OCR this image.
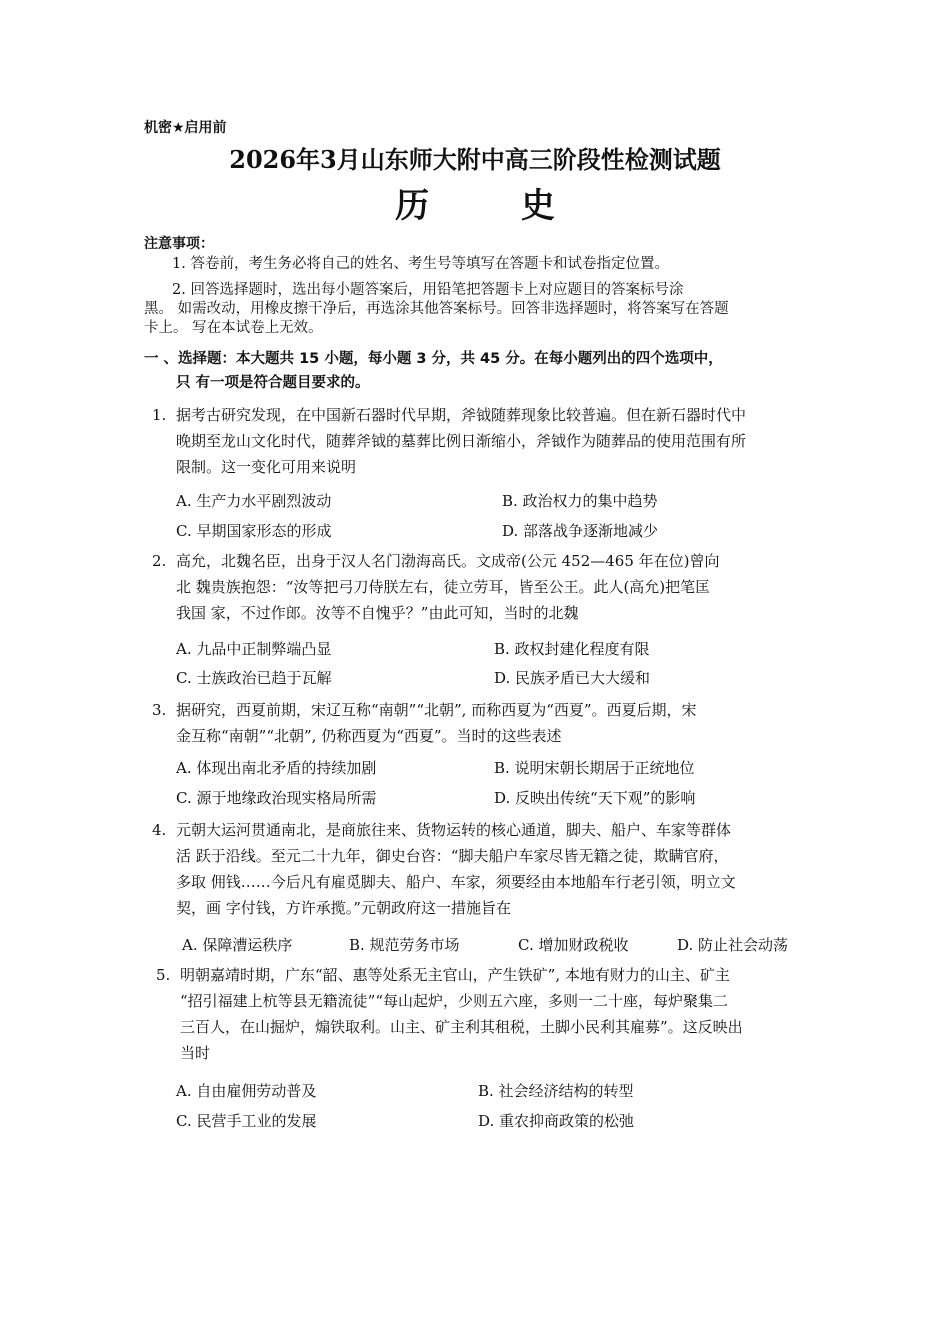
机密★启用前
2026年3月山东师大附中高三阶段性检测试题
历 史
注意事项：
1. 答卷前，考生务必将自己的姓名、考生号等填写在答题卡和试卷指定位置。
2. 回答选择题时，选出每小题答案后，用铅笔把答题卡上对应题目的答案标号涂
黑。 如需改动，用橡皮擦干净后，再选涂其他答案标号。回答非选择题时，将答案写在答题
卡上。 写在本试卷上无效。
一 、选择题：本大题共 15 小题，每小题 3 分，共 45 分。在每小题列出的四个选项中，
只 有一项是符合题目要求的。
1. 据考古研究发现，在中国新石器时代早期，斧钺随葬现象比较普遍。但在新石器时代中
晚期至龙山文化时代，随葬斧钺的墓葬比例日渐缩小，斧钺作为随葬品的使用范围有所
限制。这一变化可用来说明
A. 生产力水平剧烈波动	B. 政治权力的集中趋势
C. 早期国家形态的形成	D. 部落战争逐渐地减少
2. 高允，北魏名臣，出身于汉人名门渤海高氏。文成帝(公元 452—465 年在位)曾向
北 魏贵族抱怨：“汝等把弓刀侍朕左右，徒立劳耳，皆至公王。此人(高允)把笔匡
我国 家，不过作郎。汝等不自愧乎？”由此可知，当时的北魏
A. 九品中正制弊端凸显	B. 政权封建化程度有限
C. 士族政治已趋于瓦解	D. 民族矛盾已大大缓和
3. 据研究，西夏前期，宋辽互称“南朝”“北朝”, 而称西夏为“西夏”。西夏后期，宋
金互称“南朝”“北朝”, 仍称西夏为“西夏”。当时的这些表述
A. 体现出南北矛盾的持续加剧	B. 说明宋朝长期居于正统地位
C. 源于地缘政治现实格局所需	D. 反映出传统“天下观”的影响
4. 元朝大运河贯通南北，是商旅往来、货物运转的核心通道，脚夫、船户、车家等群体
活 跃于沿线。至元二十九年，御史台咨：“脚夫船户车家尽皆无籍之徒，欺瞒官府，
多取 佣钱……今后凡有雇觅脚夫、船户、车家，须要经由本地船车行老引领，明立文
契，画 字付钱，方许承揽。”元朝政府这一措施旨在
A. 保障漕运秩序	B. 规范劳务市场	C. 增加财政税收	D. 防止社会动荡
5. 明朝嘉靖时期，广东“韶、惠等处系无主官山，产生铁矿”, 本地有财力的山主、矿主
“招引福建上杭等县无籍流徒”“每山起炉，少则五六座，多则一二十座，每炉聚集二
三百人，在山掘炉，煽铁取利。山主、矿主利其租税，土脚小民利其雇募”。这反映出
当时
A. 自由雇佣劳动普及	B. 社会经济结构的转型
C. 民营手工业的发展	D. 重农抑商政策的松弛
